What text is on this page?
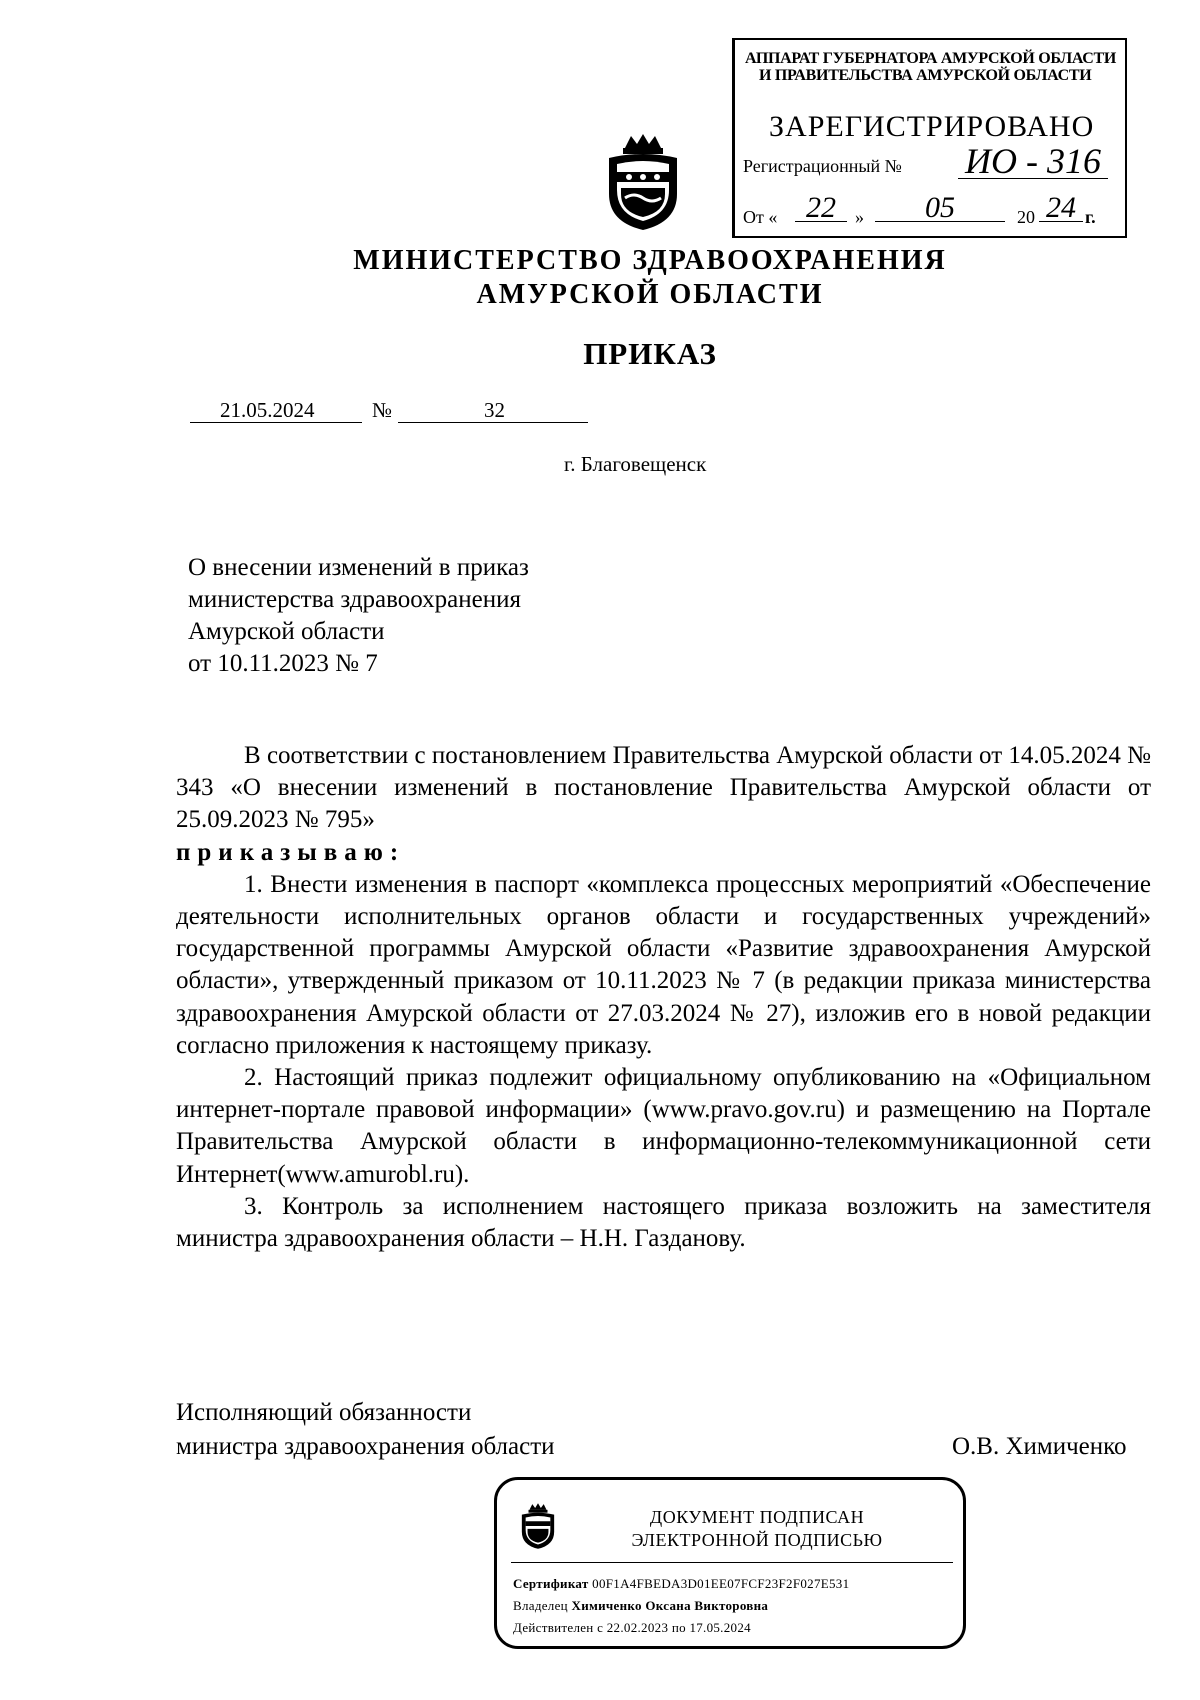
АППАРАТ ГУБЕРНАТОРА АМУРСКОЙ ОБЛАСТИ
И ПРАВИТЕЛЬСТВА АМУРСКОЙ ОБЛАСТИ
ЗАРЕГИСТРИРОВАНО
Регистрационный № ИО - 316
От « 22	»	05	20 24 г.
МИНИСТЕРСТВО ЗДРАВООХРАНЕНИЯ
АМУРСКОЙ ОБЛАСТИ
ПРИКАЗ
21.05.2024	№	32
г. Благовещенск
О внесении изменений в приказ
министерства здравоохранения
Амурской области
от 10.11.2023 № 7

В соответствии с постановлением Правительства Амурской области от 14.05.2024 № 343 «О внесении изменений в постановление Правительства Амурской области от 25.09.2023 № 795»

приказываю:

1. Внести изменения в паспорт «комплекса процессных мероприятий «Обеспечение деятельности исполнительных органов области и государственных учреждений» государственной программы Амурской области «Развитие здравоохранения Амурской области», утвержденный приказом от 10.11.2023 № 7 (в редакции приказа министерства здравоохранения Амурской области от 27.03.2024 № 27), изложив его в новой редакции согласно приложения к настоящему приказу.

2. Настоящий приказ подлежит официальному опубликованию на «Официальном интернет-портале правовой информации» (www.pravo.gov.ru) и размещению на Портале Правительства Амурской области в информационно-телекоммуникационной сети Интернет(www.amurobl.ru).

3. Контроль за исполнением настоящего приказа возложить на заместителя министра здравоохранения области – Н.Н. Газданову.

Исполняющий обязанности
министра здравоохранения области	О.В. Химиченко
ДОКУМЕНТ ПОДПИСАН
ЭЛЕКТРОННОЙ ПОДПИСЬЮ
Сертификат 00F1A4FBEDA3D01EE07FCF23F2F027E531
Владелец Химиченко Оксана Викторовна
Действителен с 22.02.2023 по 17.05.2024
